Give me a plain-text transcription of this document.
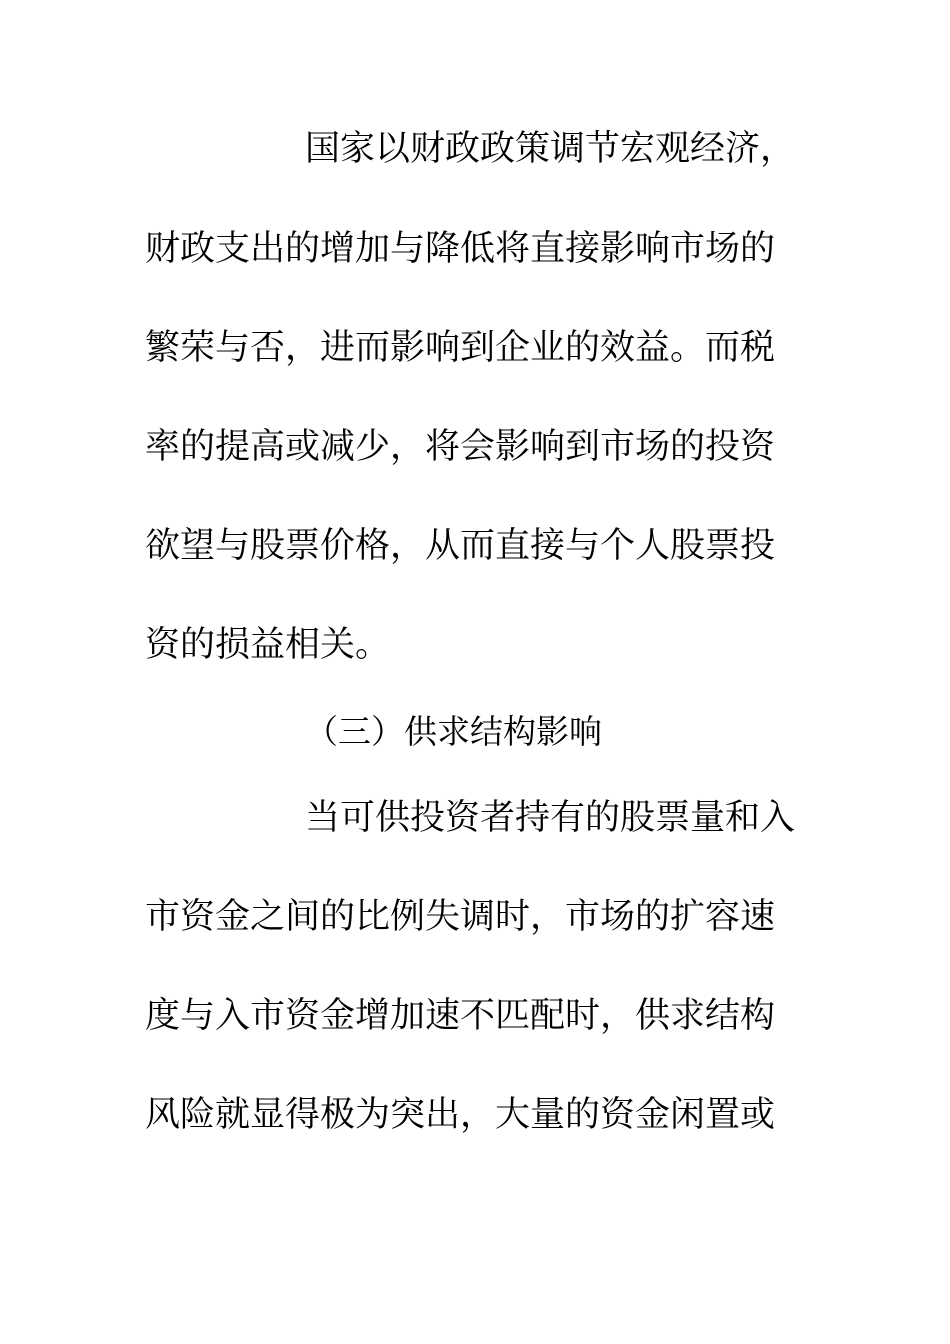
国家以财政政策调节宏观经济，
财政支出的增加与降低将直接影响市场的
繁荣与否，进而影响到企业的效益。而税
率的提高或减少，将会影响到市场的投资
欲望与股票价格，从而直接与个人股票投
资的损益相关。
（三）供求结构影响
当可供投资者持有的股票量和入
市资金之间的比例失调时，市场的扩容速
度与入市资金增加速不匹配时，供求结构
风险就显得极为突出，大量的资金闲置或
